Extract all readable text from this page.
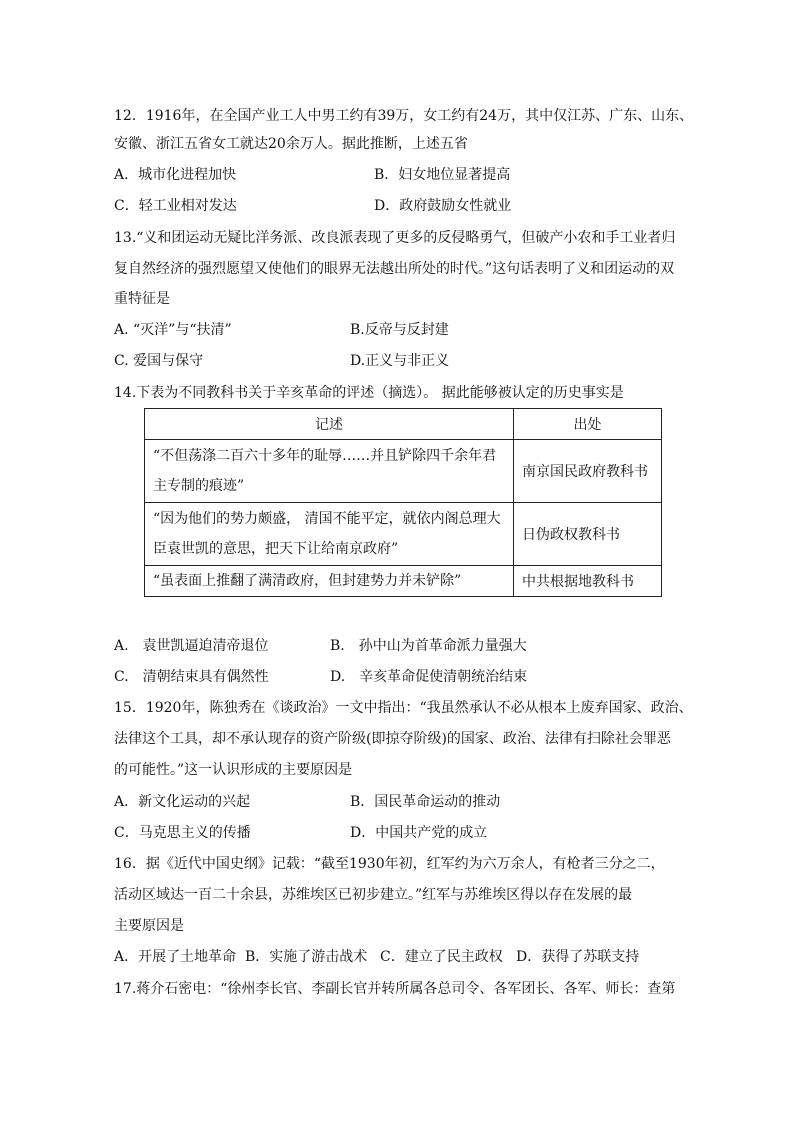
12．1916年，在全国产业工人中男工约有39万，女工约有24万，其中仅江苏、广东、山东、
安徽、浙江五省女工就达20余万人。据此推断，上述五省
A．城市化进程加快	B．妇女地位显著提高
C．轻工业相对发达	D．政府鼓励女性就业
13.“义和团运动无疑比洋务派、改良派表现了更多的反侵略勇气，但破产小农和手工业者归
复自然经济的强烈愿望又使他们的眼界无法越出所处的时代。”这句话表明了义和团运动的双
重特征是
A. “灭洋”与“扶清”	B.反帝与反封建
C. 爱国与保守	D.正义与非正义
14.下表为不同教科书关于辛亥革命的评述（摘选）。 据此能够被认定的历史事实是
记述	出处

“不但荡涤二百六十多年的耻辱……并且铲除四千余年君
主专制的痕迹”	南京国民政府教科书

“因为他们的势力颇盛， 清国不能平定，就依内阁总理大
臣袁世凯的意思，把天下让给南京政府”	日伪政权教科书

“虽表面上推翻了满清政府，但封建势力并未铲除”	中共根据地教科书
A.　袁世凯逼迫清帝退位	B.　孙中山为首革命派力量强大
C.　清朝结束具有偶然性	D.　辛亥革命促使清朝统治结束
15．1920年，陈独秀在《谈政治》一文中指出：“我虽然承认不必从根本上废弃国家、政治、
法律这个工具，却不承认现存的资产阶级(即掠夺阶级)的国家、政治、法律有扫除社会罪恶
的可能性。”这一认识形成的主要原因是
A．新文化运动的兴起	B．国民革命运动的推动
C．马克思主义的传播	D．中国共产党的成立
16．据《近代中国史纲》记载：“截至1930年初，红军约为六万余人，有枪者三分之二，
活动区域达一百二十余县，苏维埃区已初步建立。”红军与苏维埃区得以存在发展的最
主要原因是
A．开展了土地革命 B．实施了游击战术 C．建立了民主政权 D．获得了苏联支持
17.蒋介石密电：“徐州李长官、李副长官并转所属各总司令、各军团长、各军、师长：查第
